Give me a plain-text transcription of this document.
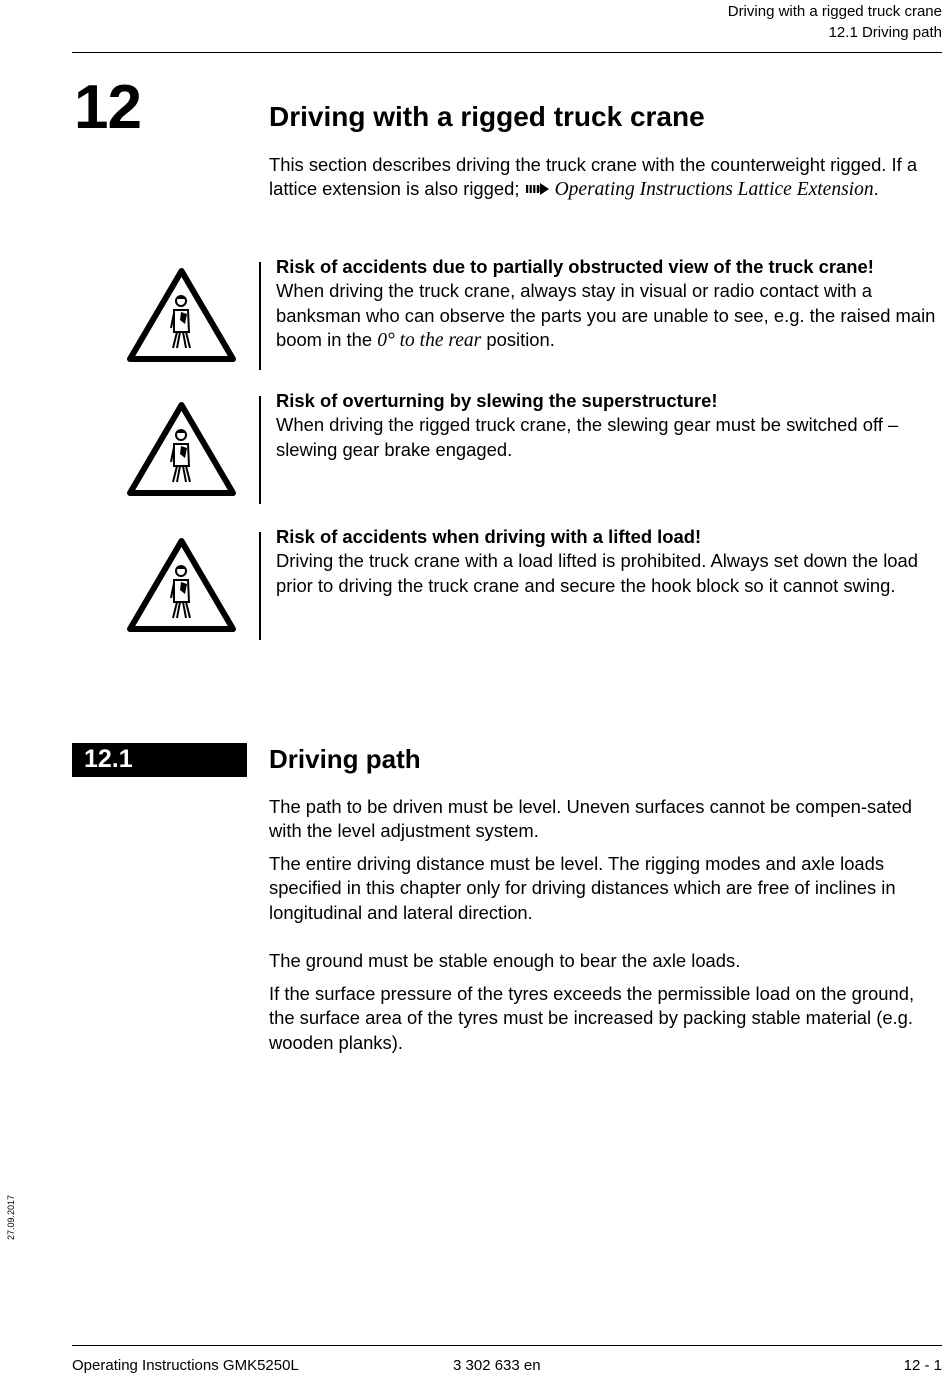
Driving with a rigged truck crane
12.1 Driving path
12	Driving with a rigged truck crane
This section describes driving the truck crane with the counterweight rigged. If a lattice extension is also rigged; Operating Instructions Lattice Extension.
Risk of accidents due to partially obstructed view of the truck crane!
When driving the truck crane, always stay in visual or radio contact with a banksman who can observe the parts you are unable to see, e.g. the raised main boom in the 0° to the rear position.
Risk of overturning by slewing the superstructure!
When driving the rigged truck crane, the slewing gear must be switched off – slewing gear brake engaged.
Risk of accidents when driving with a lifted load!
Driving the truck crane with a load lifted is prohibited. Always set down the load prior to driving the truck crane and secure the hook block so it cannot swing.
12.1	Driving path
The path to be driven must be level. Uneven surfaces cannot be compen-sated with the level adjustment system.
The entire driving distance must be level. The rigging modes and axle loads specified in this chapter only for driving distances which are free of inclines in longitudinal and lateral direction.
The ground must be stable enough to bear the axle loads.
If the surface pressure of the tyres exceeds the permissible load on the ground, the surface area of the tyres must be increased by packing stable material (e.g. wooden planks).
27.09.2017
Operating Instructions GMK5250L	3 302 633 en	12 - 1
